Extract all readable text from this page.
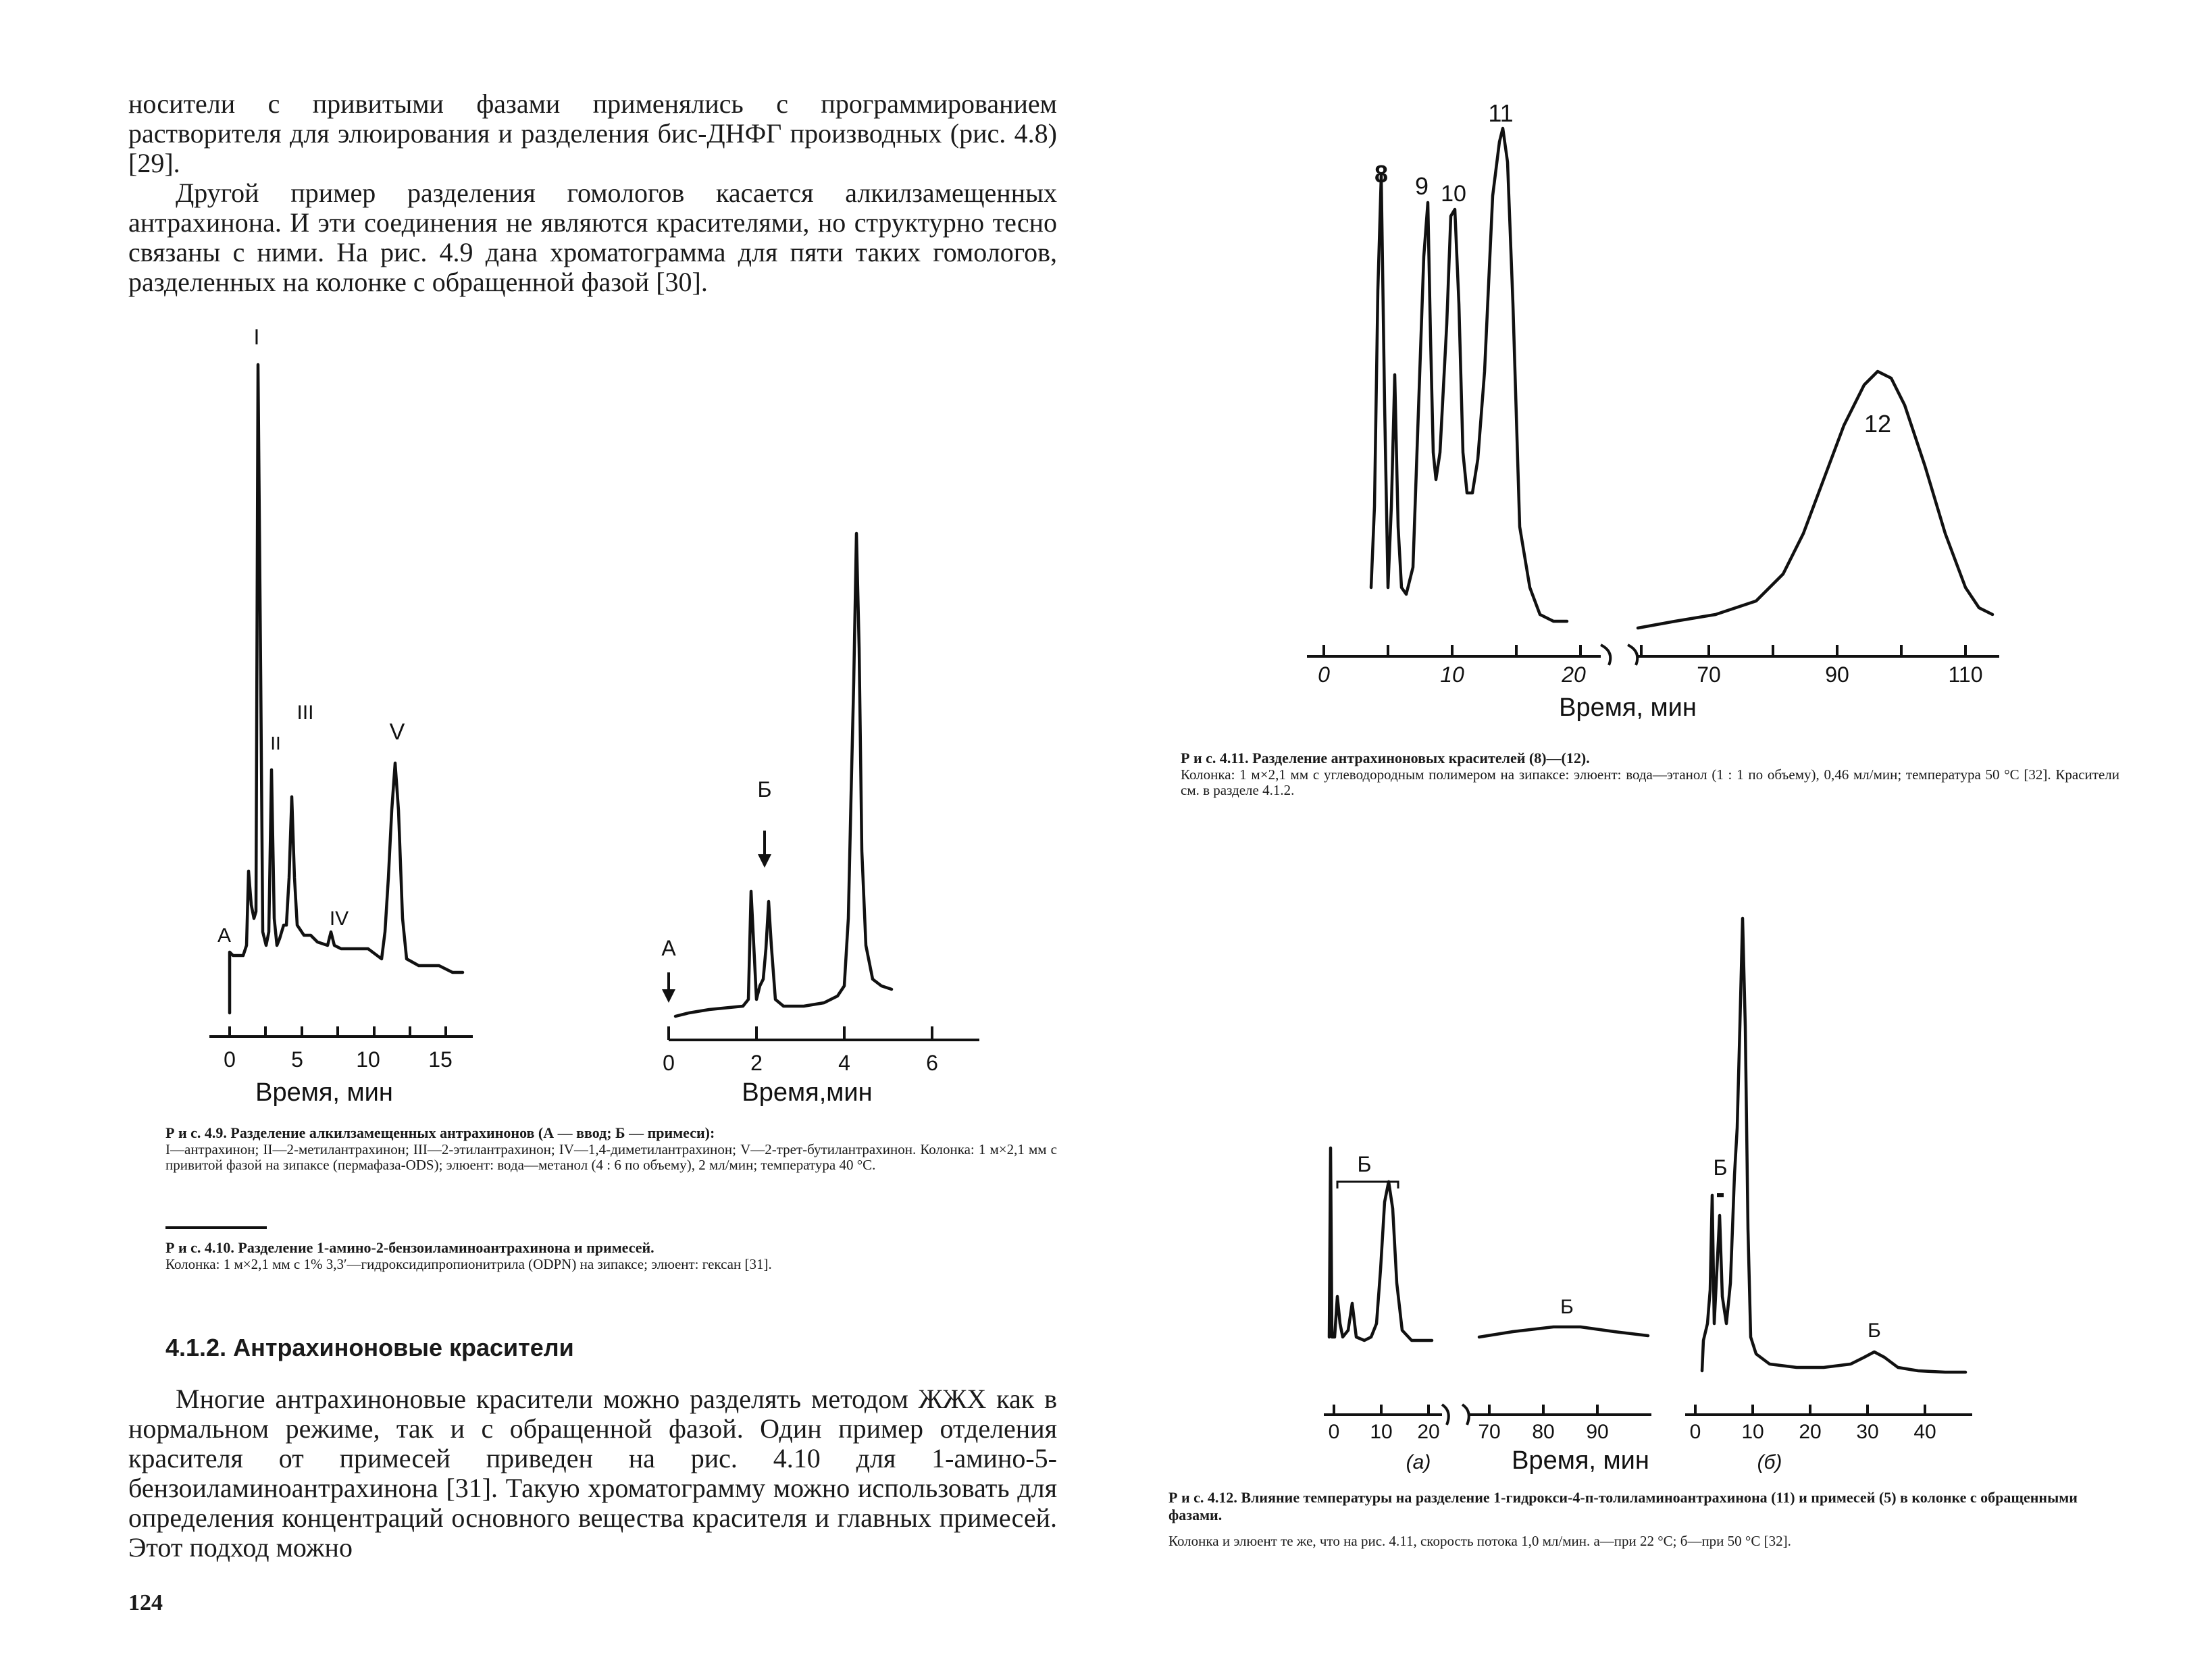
носители с привитыми фазами применялись с программированием растворителя для элюирования и разделения бис-ДНФГ производных (рис. 4.8) [29].

Другой пример разделения гомологов касается алкилзамещенных антрахинона. И эти соединения не являются красителями, но структурно тесно связаны с ними. На рис. 4.9 дана хроматограмма для пяти таких гомологов, разделенных на колонке с обращенной фазой [30].

I
II
III
IV
V
A
0	5 10 15
Время, мин
Б
A
0	2	4	6
Время,мин

Р и с. 4.9. Разделение алкилзамещенных антрахинонов (А — ввод; Б — примеси):

I—антрахинон; II—2-метилантрахинон; III—2-этилантрахинон; IV—1,4-диметилантрахинон; V—2-трет-бутилантрахинон. Колонка: 1 м×2,1 мм с привитой фазой на зипаксе (пермафаза-ODS); элюент: вода—метанол (4 : 6 по объему), 2 мл/мин; температура 40 °С.

Р и с. 4.10. Разделение 1-амино-2-бензоиламиноантрахинона и примесей.

Колонка: 1 м×2,1 мм с 1% 3,3′—гидроксидипропионитрила (ODPN) на зипаксе; элюент: гексан [31].

4.1.2. Антрахиноновые красители

Многие антрахиноновые красители можно разделять методом ЖЖХ как в нормальном режиме, так и с обращенной фазой. Один пример отделения красителя от примесей приведен на рис. 4.10 для 1-амино-5-бензоиламиноантрахинона [31]. Такую хроматограмму можно использовать для определения концентраций основного вещества красителя и главных примесей. Этот подход можно

124
8 9 10
11
12
0	10	20	70	90	110
Время, мин

Р и с. 4.11. Разделение антрахиноновых красителей (8)—(12).

Колонка: 1 м×2,1 мм с углеводородным полимером на зипаксе: элюент: вода—этанол (1 : 1 по объему), 0,46 мл/мин; температура 50 °С [32]. Красители см. в разделе 4.1.2.

Б
Б
Б
Б
0 10 20 70 80 90	0 10 20 30 40
(а)	Время, мин	(б)

Р и с. 4.12. Влияние температуры на разделение 1-гидрокси-4-п-толиламиноантрахинона (11) и примесей (5) в колонке с обращенными фазами.

Колонка и элюент те же, что на рис. 4.11, скорость потока 1,0 мл/мин. а—при 22 °С; б—при 50 °С [32].
